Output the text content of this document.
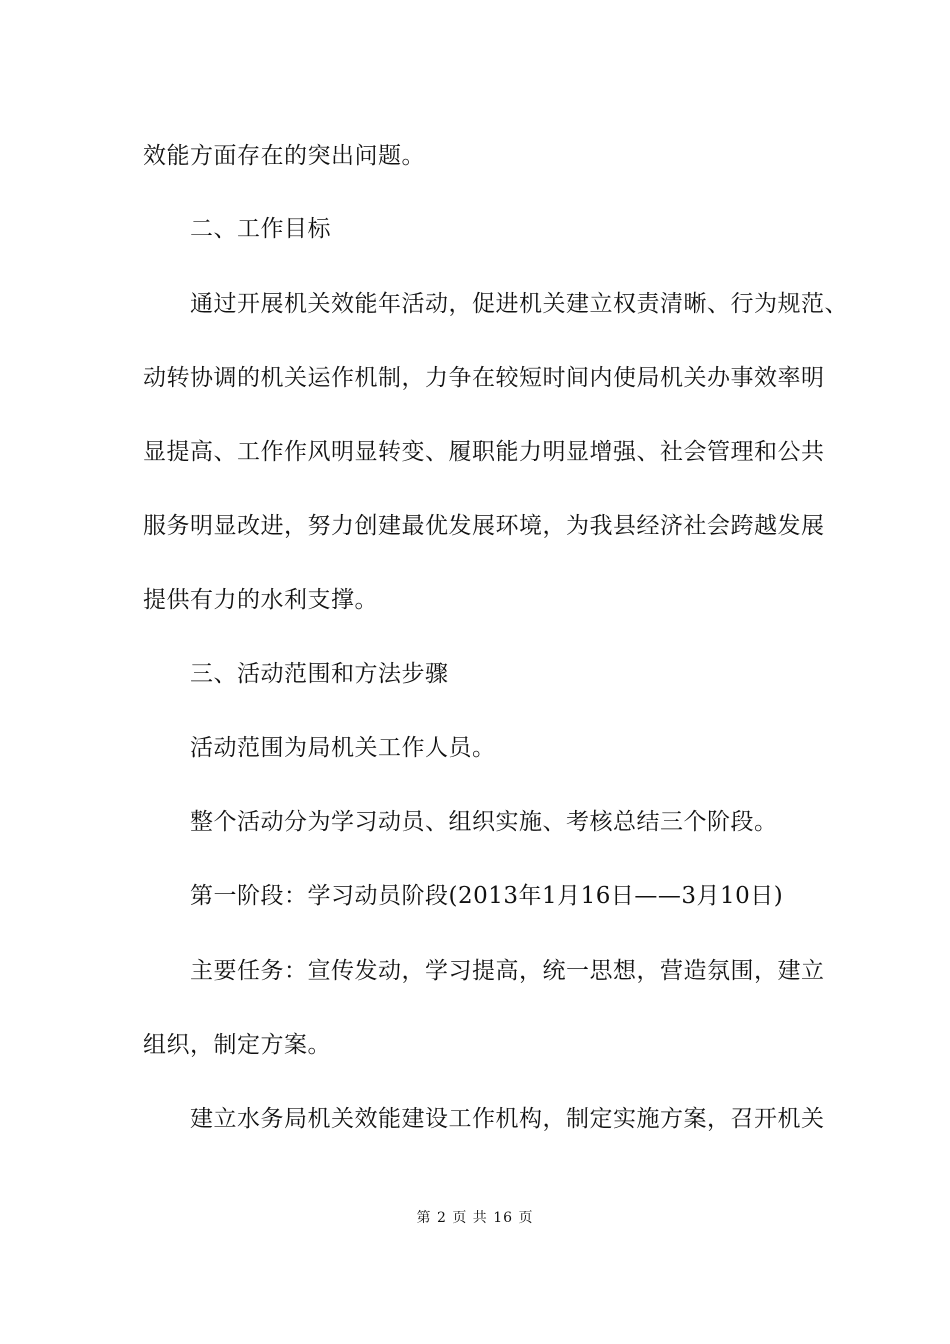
效能方面存在的突出问题。
二、工作目标
通过开展机关效能年活动，促进机关建立权责清晰、行为规范、
动转协调的机关运作机制，力争在较短时间内使局机关办事效率明
显提高、工作作风明显转变、履职能力明显增强、社会管理和公共
服务明显改进，努力创建最优发展环境，为我县经济社会跨越发展
提供有力的水利支撑。
三、活动范围和方法步骤
活动范围为局机关工作人员。
整个活动分为学习动员、组织实施、考核总结三个阶段。
第一阶段：学习动员阶段(2013年1月16日——3月10日)
主要任务：宣传发动，学习提高，统一思想，营造氛围，建立
组织，制定方案。
建立水务局机关效能建设工作机构，制定实施方案，召开机关
第 2 页 共 16 页
